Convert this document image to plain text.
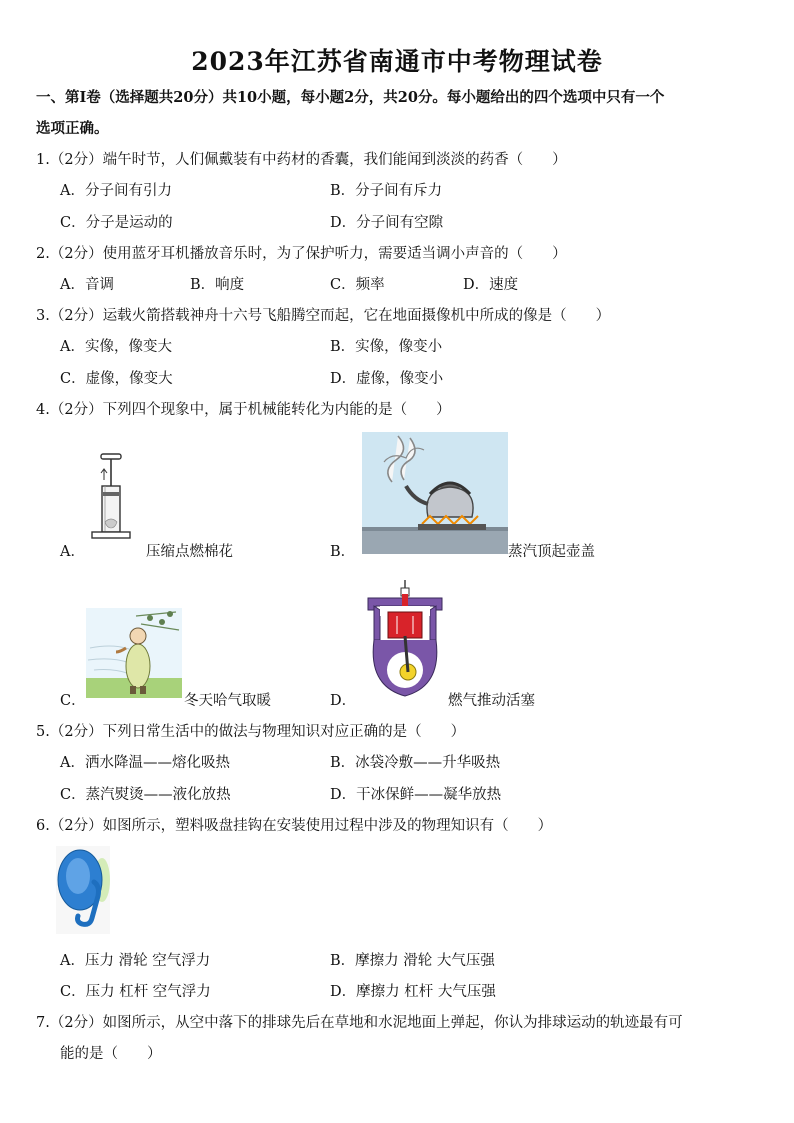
2023年江苏省南通市中考物理试卷
一、第Ⅰ卷（选择题共20分）共10小题，每小题2分，共20分。每小题给出的四个选项中只有一个
选项正确。
1.（2分）端午时节，人们佩戴装有中药材的香囊，我们能闻到淡淡的药香（　　）
A．分子间有引力	B．分子间有斥力
C．分子是运动的	D．分子间有空隙
2.（2分）使用蓝牙耳机播放音乐时，为了保护听力，需要适当调小声音的（　　）
A．音调	B．响度	C．频率	D．速度
3.（2分）运载火箭搭载神舟十六号飞船腾空而起，它在地面摄像机中所成的像是（　　）
A．实像，像变大	B．实像，像变小
C．虚像，像变大	D．虚像，像变小
4.（2分）下列四个现象中，属于机械能转化为内能的是（　　）
A．	压缩点燃棉花	B．	蒸汽顶起壶盖
C．	冬天哈气取暖	D．	燃气推动活塞
5.（2分）下列日常生活中的做法与物理知识对应正确的是（　　）
A．洒水降温——熔化吸热	B．冰袋冷敷——升华吸热
C．蒸汽熨烫——液化放热	D．干冰保鲜——凝华放热
6.（2分）如图所示，塑料吸盘挂钩在安装使用过程中涉及的物理知识有（　　）
A．压力 滑轮 空气浮力	B．摩擦力 滑轮 大气压强
C．压力 杠杆 空气浮力	D．摩擦力 杠杆 大气压强
7.（2分）如图所示，从空中落下的排球先后在草地和水泥地面上弹起，你认为排球运动的轨迹最有可
能的是（　　）
